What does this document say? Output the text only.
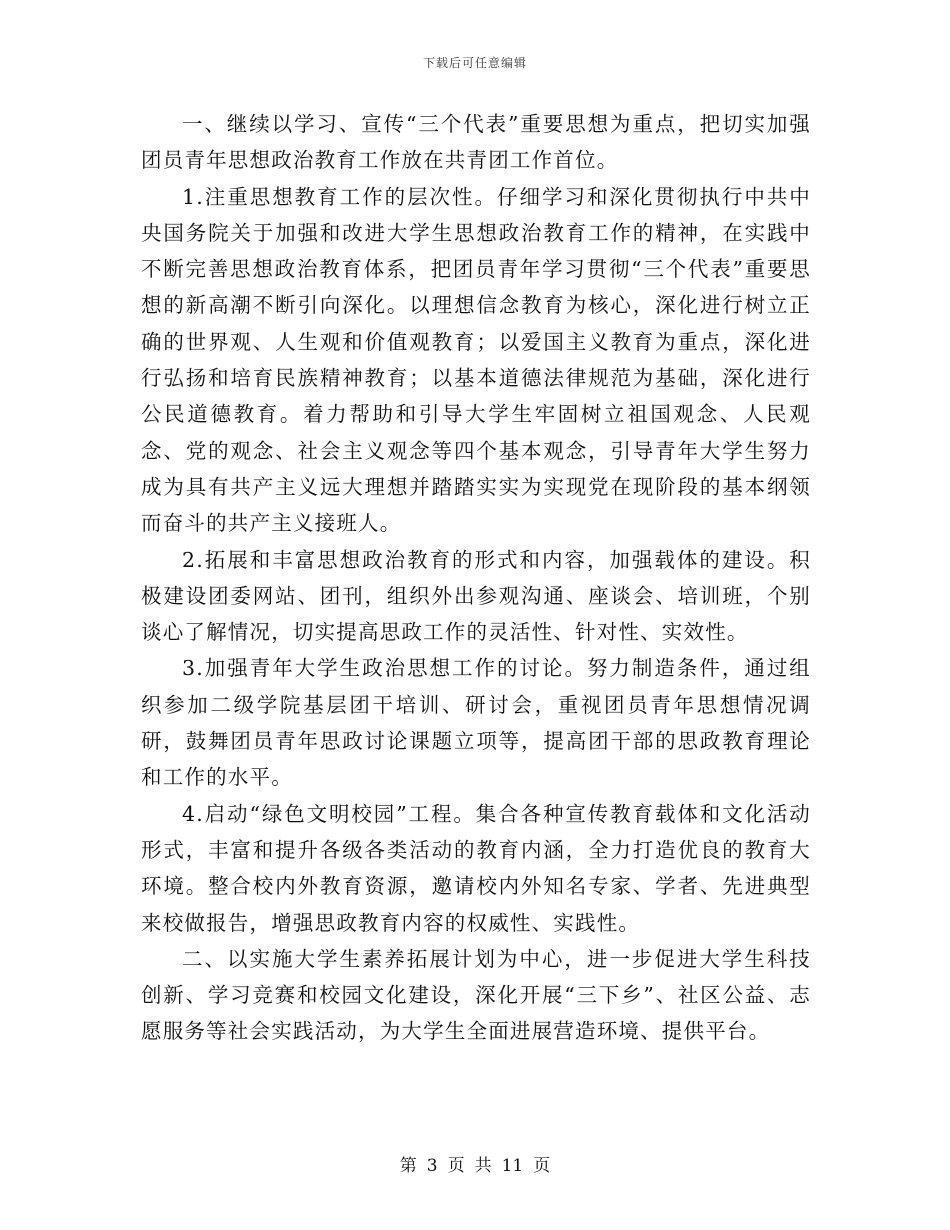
下载后可任意编辑

一、继续以学习、宣传“三个代表”重要思想为重点，把切实加强团员青年思想政治教育工作放在共青团工作首位。

1.注重思想教育工作的层次性。仔细学习和深化贯彻执行中共中央国务院关于加强和改进大学生思想政治教育工作的精神，在实践中不断完善思想政治教育体系，把团员青年学习贯彻“三个代表”重要思想的新高潮不断引向深化。以理想信念教育为核心，深化进行树立正确的世界观、人生观和价值观教育；以爱国主义教育为重点，深化进行弘扬和培育民族精神教育；以基本道德法律规范为基础，深化进行公民道德教育。着力帮助和引导大学生牢固树立祖国观念、人民观念、党的观念、社会主义观念等四个基本观念，引导青年大学生努力成为具有共产主义远大理想并踏踏实实为实现党在现阶段的基本纲领而奋斗的共产主义接班人。

2.拓展和丰富思想政治教育的形式和内容，加强载体的建设。积极建设团委网站、团刊，组织外出参观沟通、座谈会、培训班，个别谈心了解情况，切实提高思政工作的灵活性、针对性、实效性。

3.加强青年大学生政治思想工作的讨论。努力制造条件，通过组织参加二级学院基层团干培训、研讨会，重视团员青年思想情况调研，鼓舞团员青年思政讨论课题立项等，提高团干部的思政教育理论和工作的水平。

4.启动“绿色文明校园”工程。集合各种宣传教育载体和文化活动形式，丰富和提升各级各类活动的教育内涵，全力打造优良的教育大环境。整合校内外教育资源，邀请校内外知名专家、学者、先进典型来校做报告，增强思政教育内容的权威性、实践性。

二、以实施大学生素养拓展计划为中心，进一步促进大学生科技创新、学习竞赛和校园文化建设，深化开展“三下乡”、社区公益、志愿服务等社会实践活动，为大学生全面进展营造环境、提供平台。

第 3 页 共 11 页
